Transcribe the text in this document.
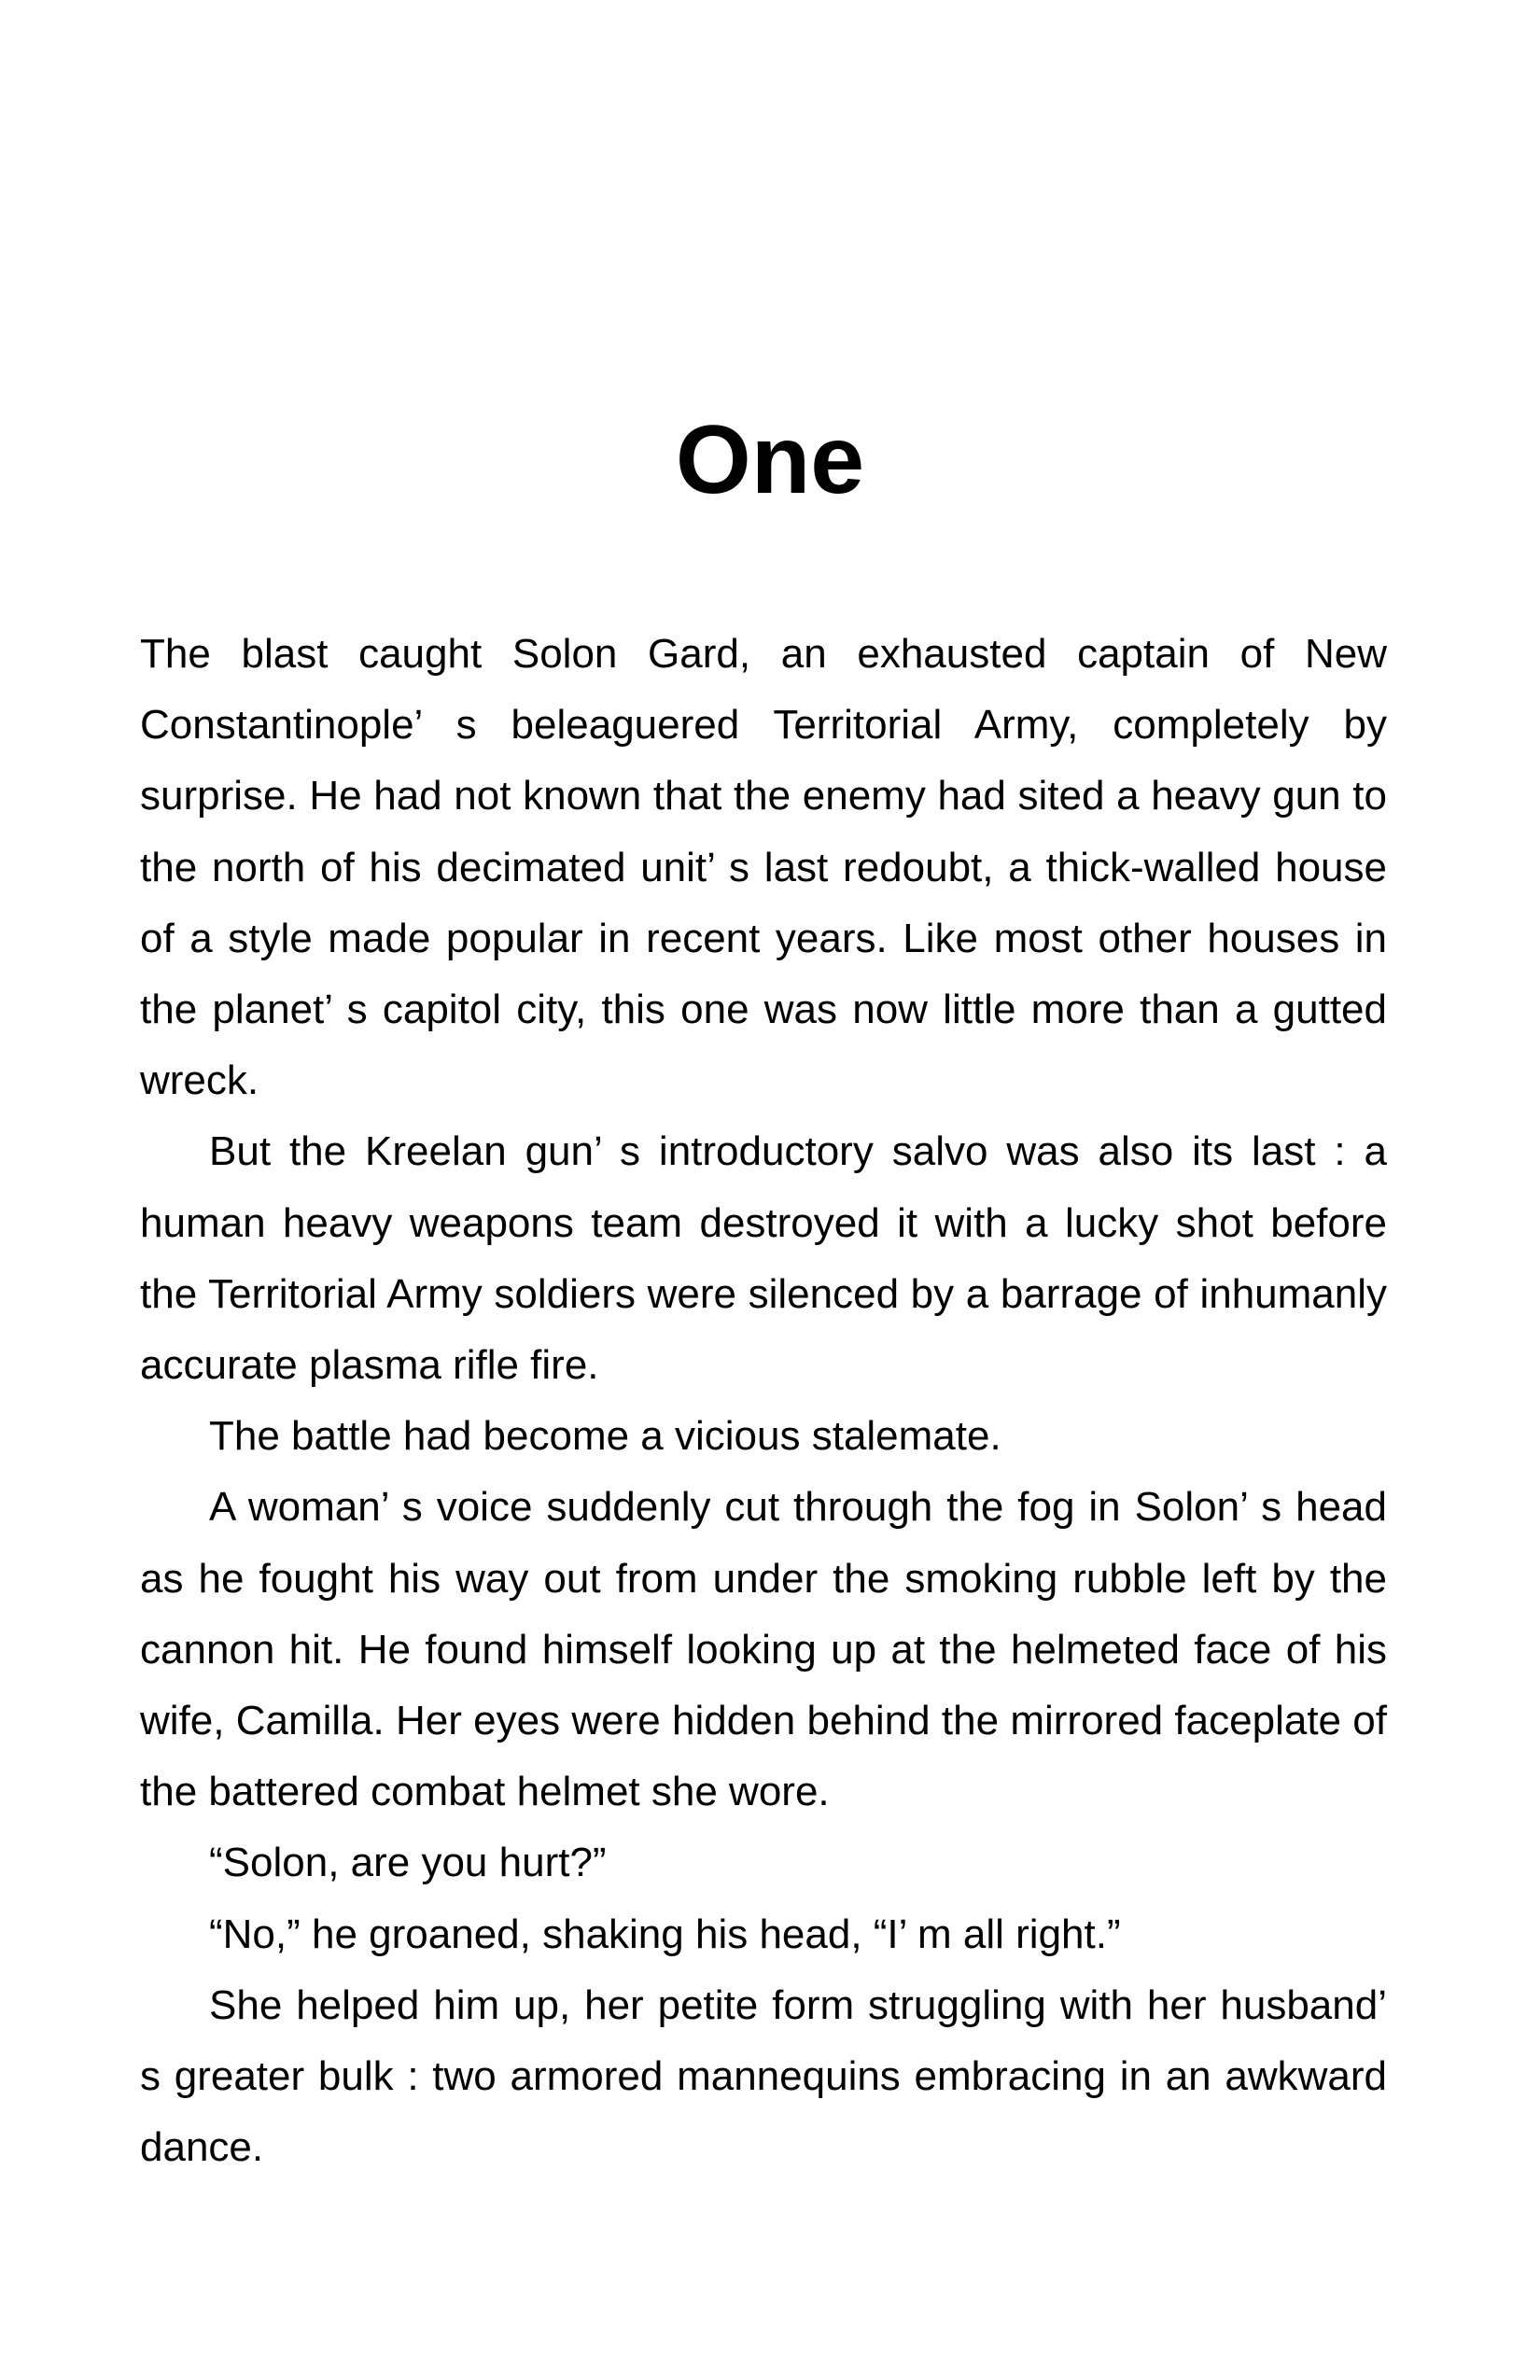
One

The blast caught Solon Gard, an exhausted captain of New Constantinople’ s beleaguered Territorial Army, completely by surprise. He had not known that the enemy had sited a heavy gun to the north of his decimated unit’ s last redoubt, a thick-walled house of a style made popular in recent years. Like most other houses in the planet’ s capitol city, this one was now little more than a gutted wreck.

But the Kreelan gun’ s introductory salvo was also its last : a human heavy weapons team destroyed it with a lucky shot before the Territorial Army soldiers were silenced by a barrage of inhumanly accurate plasma rifle fire.

The battle had become a vicious stalemate.

A woman’ s voice suddenly cut through the fog in Solon’ s head as he fought his way out from under the smoking rubble left by the cannon hit. He found himself looking up at the helmeted face of his wife, Camilla. Her eyes were hidden behind the mirrored faceplate of the battered combat helmet she wore.

“Solon, are you hurt?”

“No,” he groaned, shaking his head, “I’ m all right.”

She helped him up, her petite form struggling with her husband’ s greater bulk : two armored mannequins embracing in an awkward dance.
